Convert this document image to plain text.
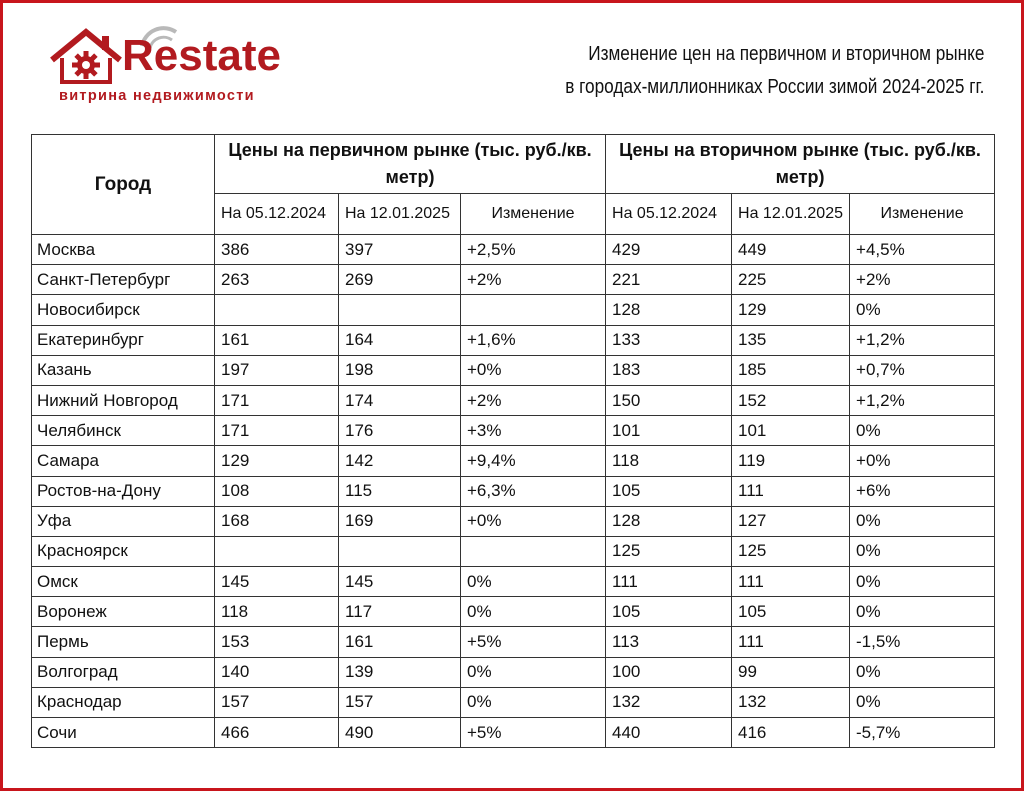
Restate
витрина недвижимости
Изменение цен на первичном и вторичном рынке
в городах-миллионниках России зимой 2024-2025 гг.
Город	Цены на первичном рынке (тыс. руб./кв. метр)			Цены на вторичном рынке (тыс. руб./кв. метр)		
	На 05.12.2024	На 12.01.2025	Изменение	На 05.12.2024	На 12.01.2025	Изменение
Москва	386	397	+2,5%	429	449	+4,5%
Санкт-Петербург	263	269	+2%	221	225	+2%
Новосибирск				128	129	0%
Екатеринбург	161	164	+1,6%	133	135	+1,2%
Казань	197	198	+0%	183	185	+0,7%
Нижний Новгород	171	174	+2%	150	152	+1,2%
Челябинск	171	176	+3%	101	101	0%
Самара	129	142	+9,4%	118	119	+0%
Ростов-на-Дону	108	115	+6,3%	105	111	+6%
Уфа	168	169	+0%	128	127	0%
Красноярск				125	125	0%
Омск	145	145	0%	111	111	0%
Воронеж	118	117	0%	105	105	0%
Пермь	153	161	+5%	113	111	-1,5%
Волгоград	140	139	0%	100	99	0%
Краснодар	157	157	0%	132	132	0%
Сочи	466	490	+5%	440	416	-5,7%
